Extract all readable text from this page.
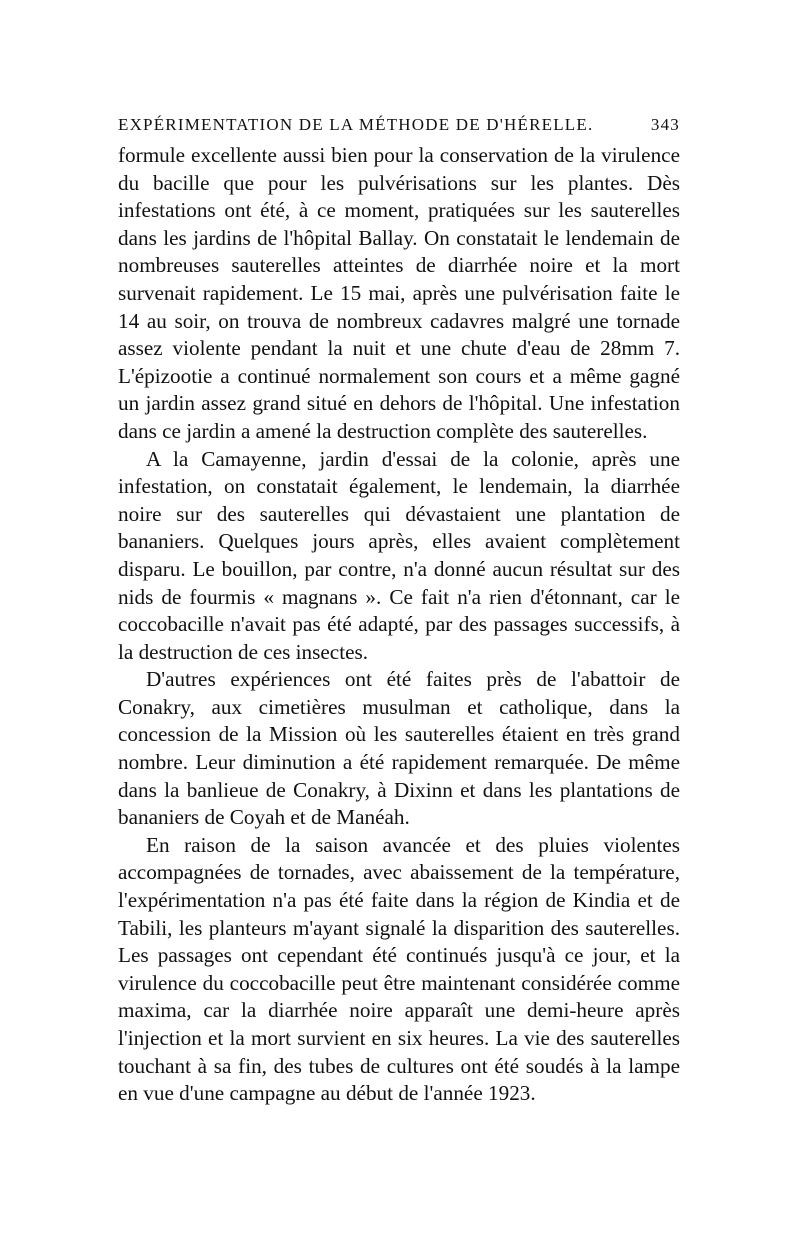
EXPÉRIMENTATION DE LA MÉTHODE DE D'HÉRELLE.	343

formule excellente aussi bien pour la conservation de la virulence du bacille que pour les pulvérisations sur les plantes. Dès infestations ont été, à ce moment, pratiquées sur les sauterelles dans les jardins de l'hôpital Ballay. On constatait le lendemain de nombreuses sauterelles atteintes de diarrhée noire et la mort survenait rapidement. Le 15 mai, après une pulvérisation faite le 14 au soir, on trouva de nombreux cadavres malgré une tornade assez violente pendant la nuit et une chute d'eau de 28mm 7. L'épizootie a continué normalement son cours et a même gagné un jardin assez grand situé en dehors de l'hôpital. Une infestation dans ce jardin a amené la destruction complète des sauterelles.

A la Camayenne, jardin d'essai de la colonie, après une infestation, on constatait également, le lendemain, la diarrhée noire sur des sauterelles qui dévastaient une plantation de bananiers. Quelques jours après, elles avaient complètement disparu. Le bouillon, par contre, n'a donné aucun résultat sur des nids de fourmis « magnans ». Ce fait n'a rien d'étonnant, car le coccobacille n'avait pas été adapté, par des passages successifs, à la destruction de ces insectes.

D'autres expériences ont été faites près de l'abattoir de Conakry, aux cimetières musulman et catholique, dans la concession de la Mission où les sauterelles étaient en très grand nombre. Leur diminution a été rapidement remarquée. De même dans la banlieue de Conakry, à Dixinn et dans les plantations de bananiers de Coyah et de Manéah.

En raison de la saison avancée et des pluies violentes accompagnées de tornades, avec abaissement de la température, l'expérimentation n'a pas été faite dans la région de Kindia et de Tabili, les planteurs m'ayant signalé la disparition des sauterelles. Les passages ont cependant été continués jusqu'à ce jour, et la virulence du coccobacille peut être maintenant considérée comme maxima, car la diarrhée noire apparaît une demi-heure après l'injection et la mort survient en six heures. La vie des sauterelles touchant à sa fin, des tubes de cultures ont été soudés à la lampe en vue d'une campagne au début de l'année 1923.
